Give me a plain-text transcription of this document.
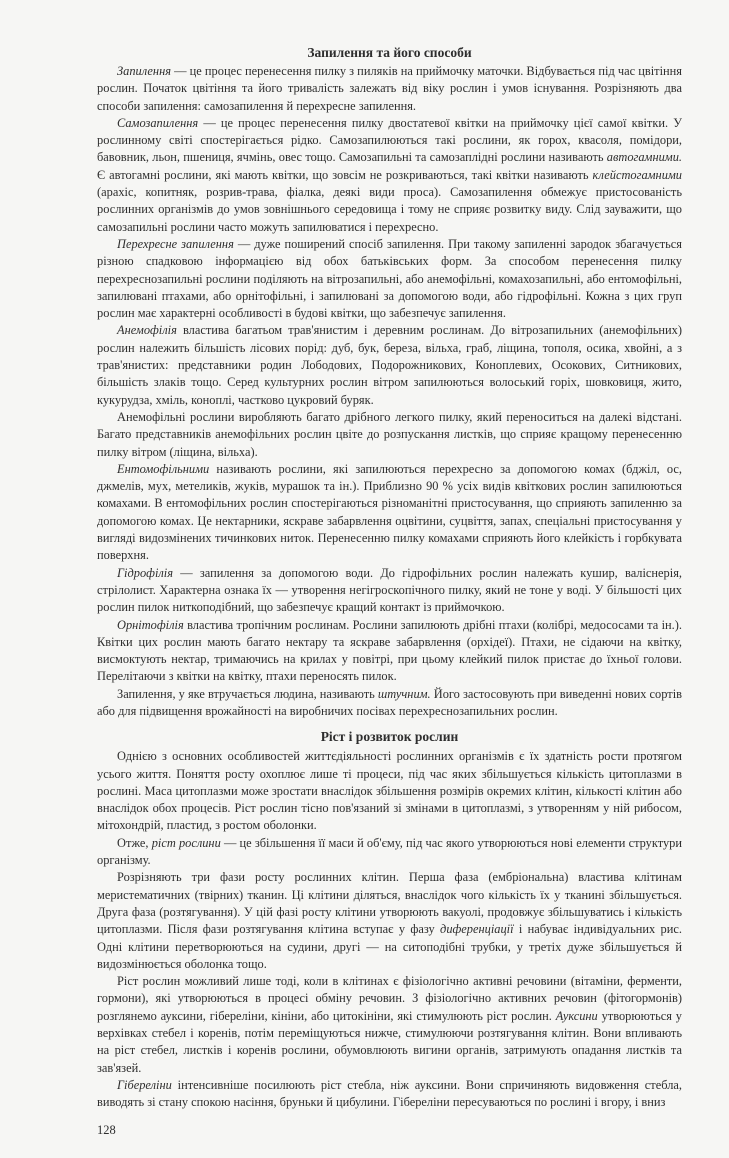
Запилення та його способи

Запилення — це процес перенесення пилку з пиляків на приймочку маточки. Відбувається під час цвітіння рослин. Початок цвітіння та його тривалість залежать від віку рослин і умов існування. Розрізняють два способи запилення: самозапилення й перехресне запилення.

Самозапилення — це процес перенесення пилку двостатевої квітки на приймочку цієї самої квітки. У рослинному світі спостерігається рідко. Самозапилюються такі рослини, як горох, квасоля, помідори, бавовник, льон, пшениця, ячмінь, овес тощо. Самозапильні та самозапліднi рослини називають автогамними. Є автогамні рослини, які мають квітки, що зовсім не розкриваються, такі квітки називають клейстогамними (арахіс, копитняк, розрив-трава, фіалка, деякі види проса). Самозапилення обмежує пристосованість рослинних організмів до умов зовнішнього середовища і тому не сприяє розвитку виду. Слід зауважити, що самозапильні рослини часто можуть запилюватися і перехресно.

Перехресне запилення — дуже поширений спосіб запилення. При такому запиленні зародок збагачується різною спадковою інформацією від обох батьківських форм. За способом перенесення пилку перехреснозапильні рослини поділяють на вітрозапильні, або анемофільні, комахозапильні, або ентомофільні, запилювані птахами, або орнітофільні, і запилювані за допомогою води, або гідрофільні. Кожна з цих груп рослин має характерні особливості в будові квітки, що забезпечує запилення.

Анемофілія властива багатьом трав'янистим і деревним рослинам. До вітрозапильних (анемофільних) рослин належить більшість лісових порід: дуб, бук, береза, вільха, граб, ліщина, тополя, осика, хвойні, а з трав'янистих: представники родин Лободових, Подорожникових, Коноплевих, Осокових, Ситникових, більшість злаків тощо. Серед культурних рослин вітром запилюються волоський горіх, шовковиця, жито, кукурудза, хміль, коноплі, частково цукровий буряк.

Анемофільні рослини виробляють багато дрібного легкого пилку, який переноситься на далекі відстані. Багато представників анемофільних рослин цвіте до розпускання листків, що сприяє кращому перенесенню пилку вітром (ліщина, вільха).

Ентомофільними називають рослини, які запилюються перехресно за допомогою комах (бджіл, ос, джмелів, мух, метеликів, жуків, мурашок та ін.). Приблизно 90 % усіх видів квіткових рослин запилюються комахами. В ентомофільних рослин спостерігаються різноманітні пристосування, що сприяють запиленню за допомогою комах. Це нектарники, яскраве забарвлення оцвітини, суцвіття, запах, спеціальні пристосування у вигляді видозмінених тичинкових ниток. Перенесенню пилку комахами сприяють його клейкість і горбкувата поверхня.

Гідрофілія — запилення за допомогою води. До гідрофільних рослин належать кушир, валіснерія, стрілолист. Характерна ознака їх — утворення негігроскопічного пилку, який не тоне у воді. У більшості цих рослин пилок ниткоподібний, що забезпечує кращий контакт із приймочкою.

Орнітофілія властива тропічним рослинам. Рослини запилюють дрібні птахи (колібрі, медососами та ін.). Квітки цих рослин мають багато нектару та яскраве забарвлення (орхідеї). Птахи, не сідаючи на квітку, висмоктують нектар, тримаючись на крилах у повітрі, при цьому клейкий пилок пристає до їхньої голови. Перелітаючи з квітки на квітку, птахи переносять пилок.

Запилення, у яке втручається людина, називають штучним. Його застосовують при виведенні нових сортів або для підвищення врожайності на виробничих посівах перехреснозапильних рослин.

Ріст і розвиток рослин

Однією з основних особливостей життєдіяльності рослинних організмів є їх здатність рости протягом усього життя. Поняття росту охоплює лише ті процеси, під час яких збільшується кількість цитоплазми в рослині. Маса цитоплазми може зростати внаслідок збільшення розмірів окремих клітин, кількості клітин або внаслідок обох процесів. Ріст рослин тісно пов'язаний зі змінами в цитоплазмі, з утворенням у ній рибосом, мітохондрій, пластид, з ростом оболонки.

Отже, ріст рослини — це збільшення її маси й об'єму, під час якого утворюються нові елементи структури організму.

Розрізняють три фази росту рослинних клітин. Перша фаза (ембріональна) властива клітинам меристематичних (твірних) тканин. Ці клітини діляться, внаслідок чого кількість їх у тканині збільшується. Друга фаза (розтягування). У цій фазі росту клітини утворюють вакуолі, продовжує збільшуватись і кількість цитоплазми. Після фази розтягування клітина вступає у фазу диференціації і набуває індивідуальних рис. Одні клітини перетворюються на судини, другі — на ситоподібні трубки, у третіх дуже збільшується й видозмінюється оболонка тощо.

Ріст рослин можливий лише тоді, коли в клітинах є фізіологічно активні речовини (вітаміни, ферменти, гормони), які утворюються в процесі обміну речовин. З фізіологічно активних речовин (фітогормонів) розглянемо ауксини, гібереліни, кініни, або цитокініни, які стимулюють ріст рослин. Ауксини утворюються у верхівках стебел і коренів, потім переміщуються нижче, стимулюючи розтягування клітин. Вони впливають на ріст стебел, листків і коренів рослини, обумовлюють вигини органів, затримують опадання листків та зав'язей.

Гібереліни інтенсивніше посилюють ріст стебла, ніж ауксини. Вони спричиняють видовження стебла, виводять зі стану спокою насіння, бруньки й цибулини. Гібереліни пересуваються по рослині і вгору, і вниз

128
